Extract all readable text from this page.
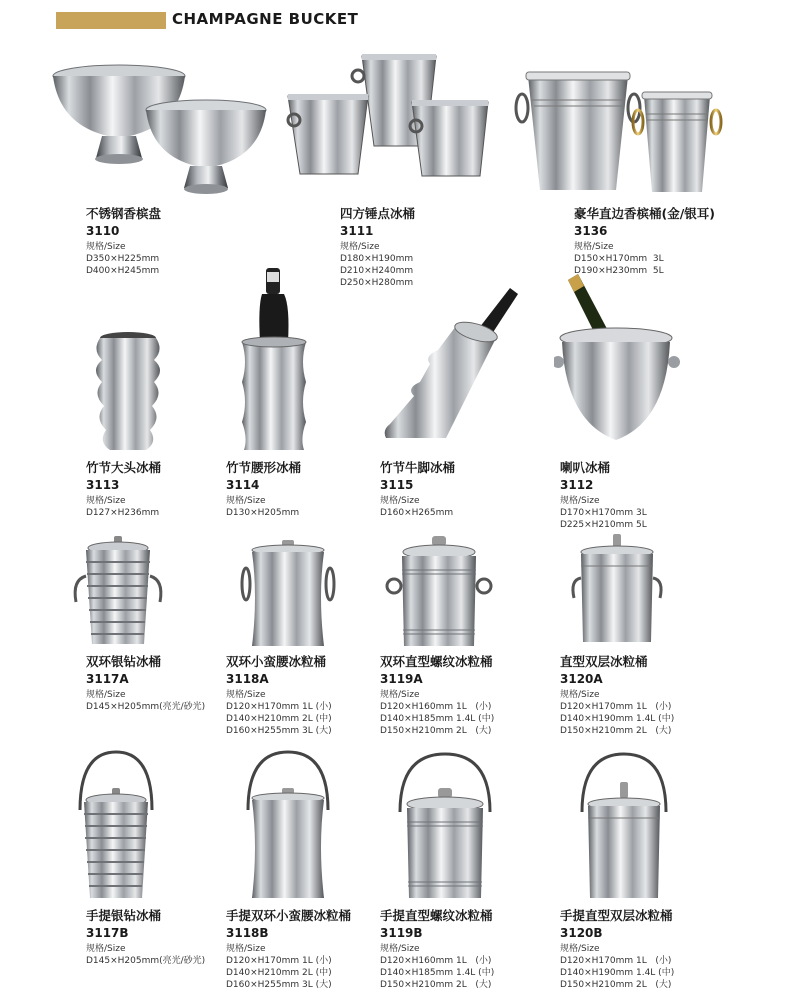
CHAMPAGNE BUCKET
不锈钢香槟盘
3110
规格/Size
D350×H225mm
D400×H245mm
四方锤点冰桶
3111
规格/Size
D180×H190mm
D210×H240mm
D250×H280mm
豪华直边香槟桶(金/银耳)
3136
规格/Size
D150×H170mm  3L
D190×H230mm  5L
竹节大头冰桶
3113
规格/Size
D127×H236mm
竹节腰形冰桶
3114
规格/Size
D130×H205mm
竹节牛脚冰桶
3115
规格/Size
D160×H265mm
喇叭冰桶
3112
规格/Size
D170×H170mm 3L
D225×H210mm 5L
双环银钻冰桶
3117A
规格/Size
D145×H205mm(亮光/砂光)
双环小蛮腰冰粒桶
3118A
规格/Size
D120×H170mm 1L (小)
D140×H210mm 2L (中)
D160×H255mm 3L (大)
双环直型螺纹冰粒桶
3119A
规格/Size
D120×H160mm 1L   (小)
D140×H185mm 1.4L (中)
D150×H210mm 2L   (大)
直型双层冰粒桶
3120A
规格/Size
D120×H170mm 1L   (小)
D140×H190mm 1.4L (中)
D150×H210mm 2L   (大)
手提银钻冰桶
3117B
规格/Size
D145×H205mm(亮光/砂光)
手提双环小蛮腰冰粒桶
3118B
规格/Size
D120×H170mm 1L (小)
D140×H210mm 2L (中)
D160×H255mm 3L (大)
手提直型螺纹冰粒桶
3119B
规格/Size
D120×H160mm 1L   (小)
D140×H185mm 1.4L (中)
D150×H210mm 2L   (大)
手提直型双层冰粒桶
3120B
规格/Size
D120×H170mm 1L   (小)
D140×H190mm 1.4L (中)
D150×H210mm 2L   (大)
